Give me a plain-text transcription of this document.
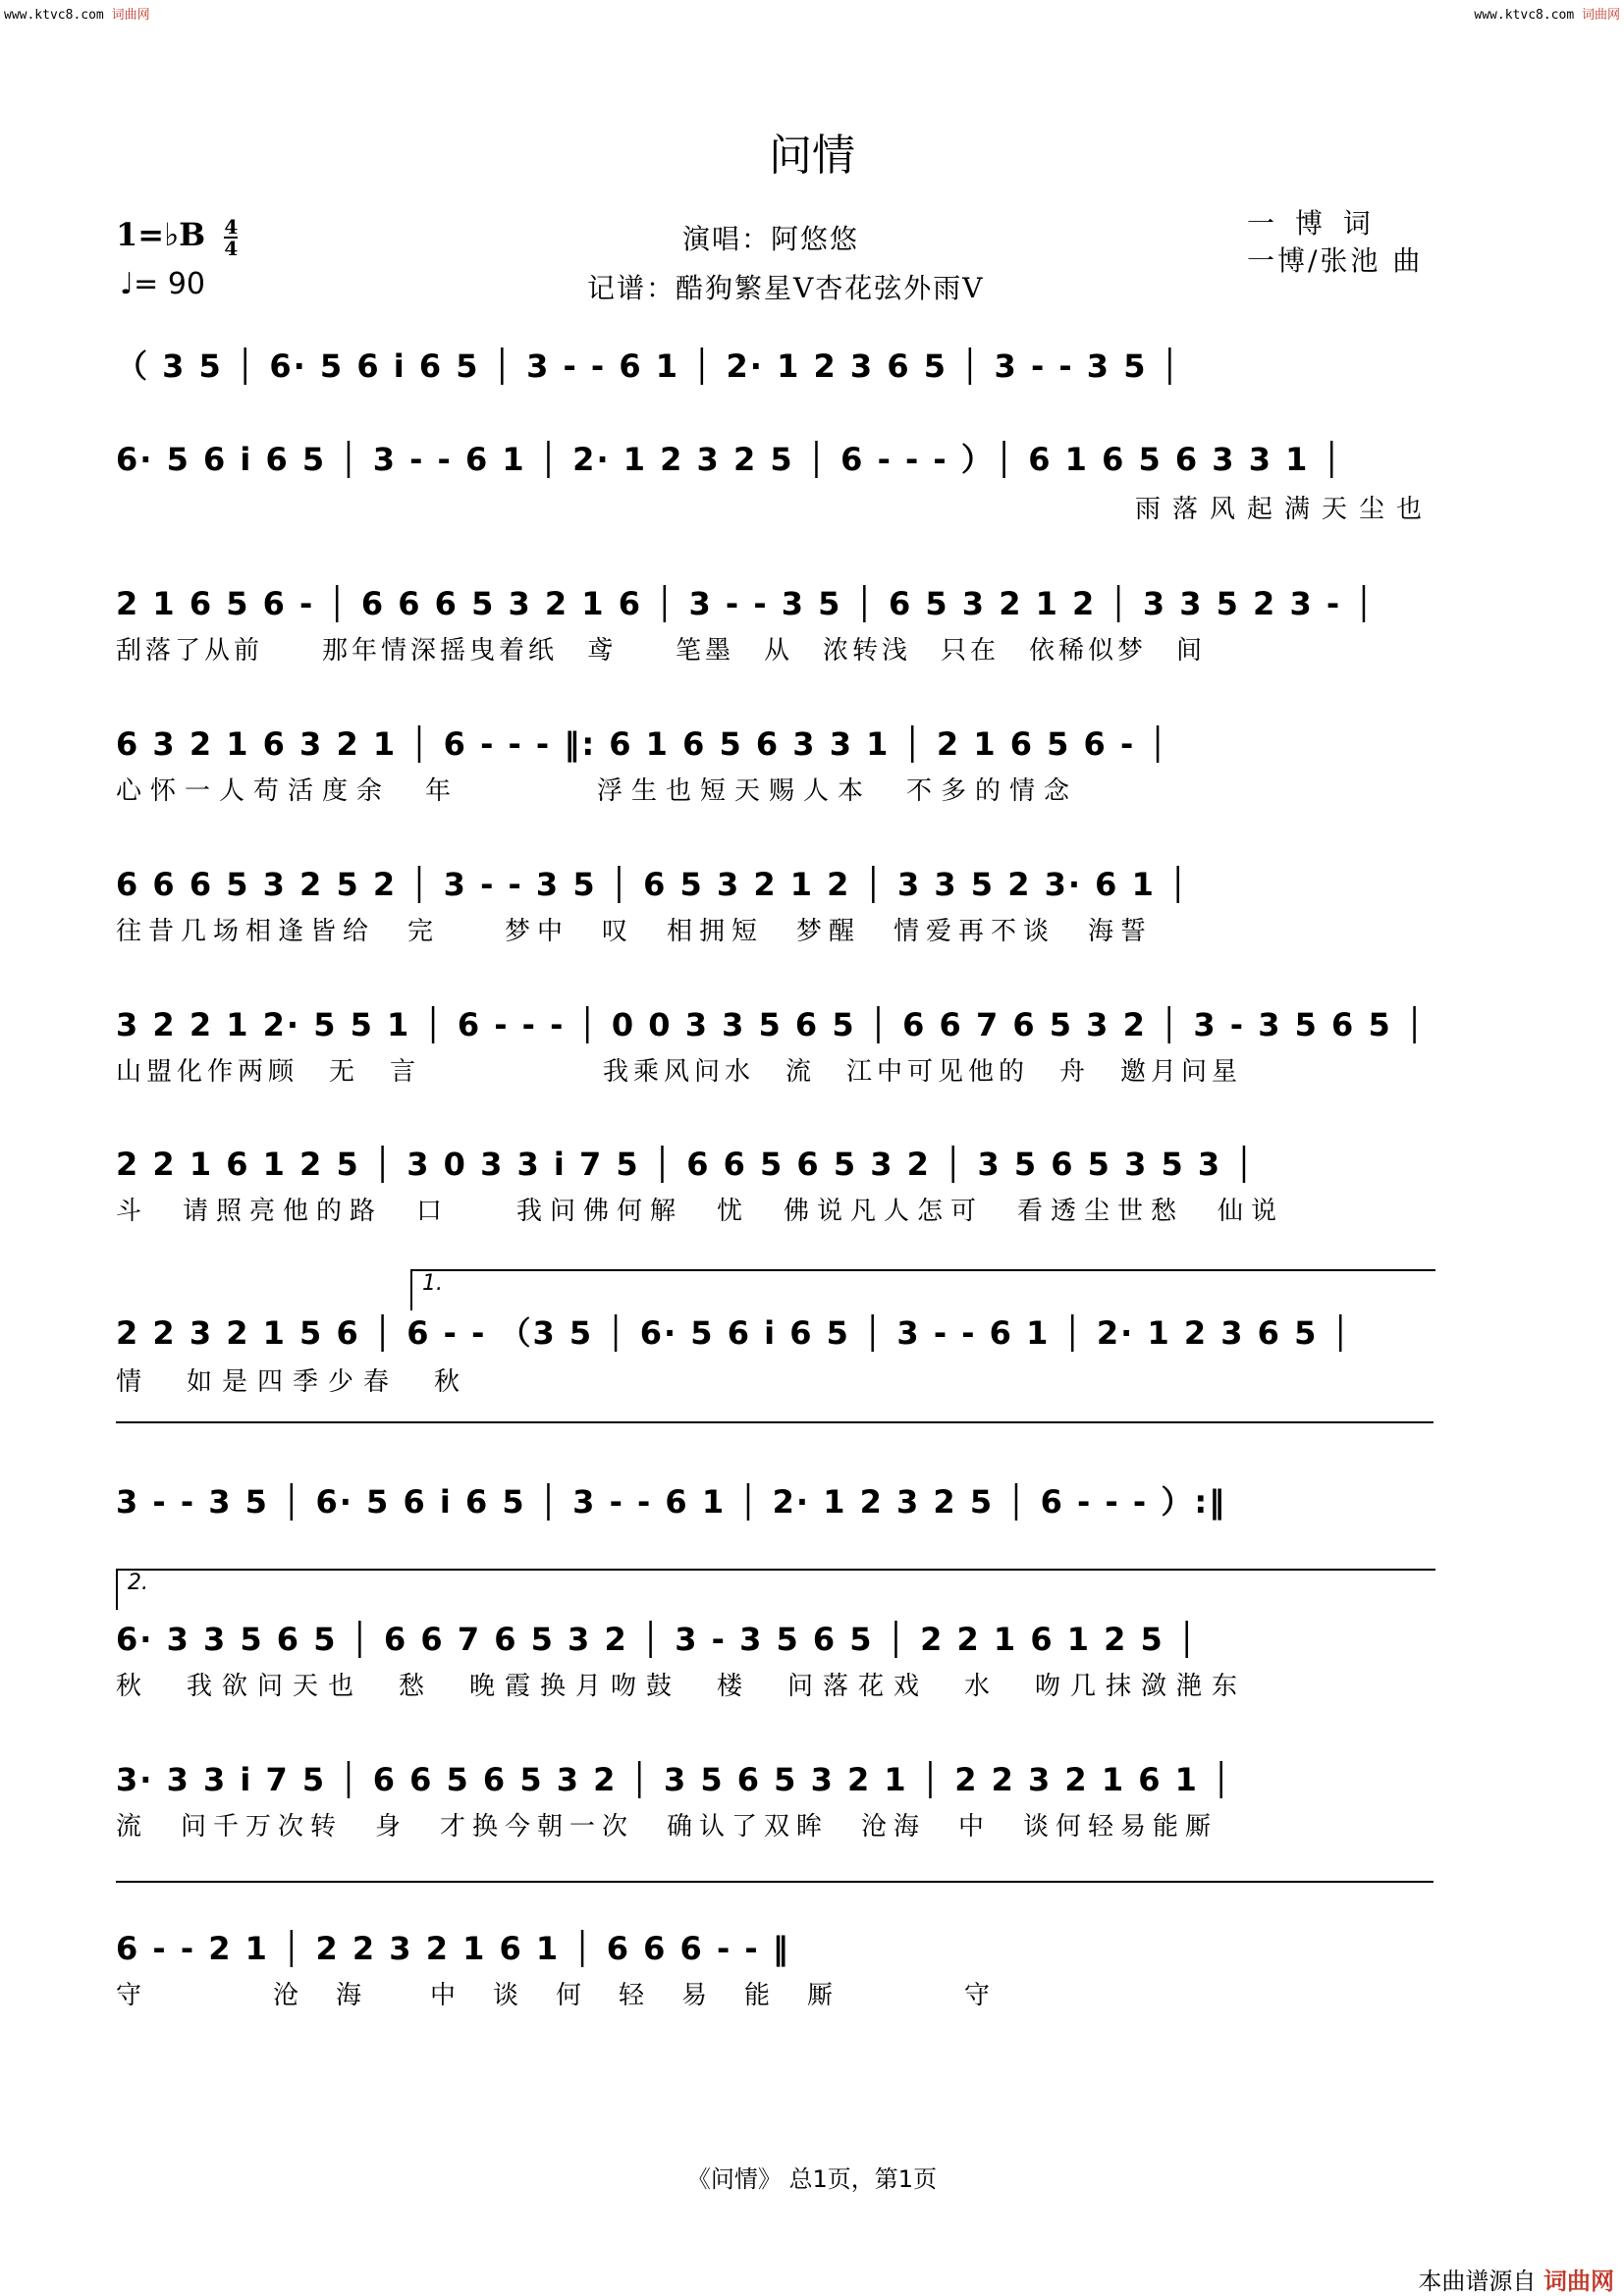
www.ktvc8.com 词曲网	www.ktvc8.com 词曲网
问情
1=♭B $\frac{4}{4}$
♩= 90
演唱：阿悠悠
记谱：酷狗繁星V杏花弦外雨V
一 博 词
一博/张池 曲
（ 3 5 │ 6· 5 6 i 6 5 │ 3 - - 6 1 │ 2· 1 2 3 6 5 │ 3 - - 3 5 │
6· 5 6 i 6 5 │ 3 - - 6 1 │ 2· 1 2 3 2 5 │ 6 - - - ）│ 6 1 6 5 6 3 3 1 │
雨落风起满天尘也
2 1 6 5 6 - │ 6 6 6 5 3 2 1 6 │ 3 - - 3 5 │ 6 5 3 2 1 2 │ 3 3 5 2 3 - │
刮落了从前　　那年情深摇曳着纸　鸢　　笔墨　从　浓转浅　只在　依稀似梦　间
6 3 2 1 6 3 2 1 │ 6 - - - ‖: 6 1 6 5 6 3 3 1 │ 2 1 6 5 6 - │
心怀一人苟活度余　年　　　　浮生也短天赐人本　不多的情念
6 6 6 5 3 2 5 2 │ 3 - - 3 5 │ 6 5 3 2 1 2 │ 3 3 5 2 3· 6 1 │
往昔几场相逢皆给　完　　梦中　叹　相拥短　梦醒　情爱再不谈　海誓
3 2 2 1 2· 5 5 1 │ 6 - - - │ 0 0 3 3 5 6 5 │ 6 6 7 6 5 3 2 │ 3 - 3 5 6 5 │
山盟化作两顾　无　言　　　　　　我乘风问水　流　江中可见他的　舟　邀月问星
2 2 1 6 1 2 5 │ 3 0 3 3 i 7 5 │ 6 6 5 6 5 3 2 │ 3 5 6 5 3 5 3 │
斗　请照亮他的路　口　　我问佛何解　忧　佛说凡人怎可　看透尘世愁　仙说
1.
2 2 3 2 1 5 6 │ 6 - - （3 5 │ 6· 5 6 i 6 5 │ 3 - - 6 1 │ 2· 1 2 3 6 5 │
情　如是四季少春　秋
3 - - 3 5 │ 6· 5 6 i 6 5 │ 3 - - 6 1 │ 2· 1 2 3 2 5 │ 6 - - - ）:‖
2.
6· 3 3 5 6 5 │ 6 6 7 6 5 3 2 │ 3 - 3 5 6 5 │ 2 2 1 6 1 2 5 │
秋　我欲问天也　愁　晚霞换月吻鼓　楼　问落花戏　水　吻几抹潋滟东
3· 3 3 i 7 5 │ 6 6 5 6 5 3 2 │ 3 5 6 5 3 2 1 │ 2 2 3 2 1 6 1 │
流　问千万次转　身　才换今朝一次　确认了双眸　沧海　中　谈何轻易能厮
6 - - 2 1 │ 2 2 3 2 1 6 1 │ 6 6 6 - - ‖
守　　　　沧　海　　中　谈　何　轻　易　能　厮　　　　守
《问情》 总1页，第1页
本曲谱源自 词曲网
